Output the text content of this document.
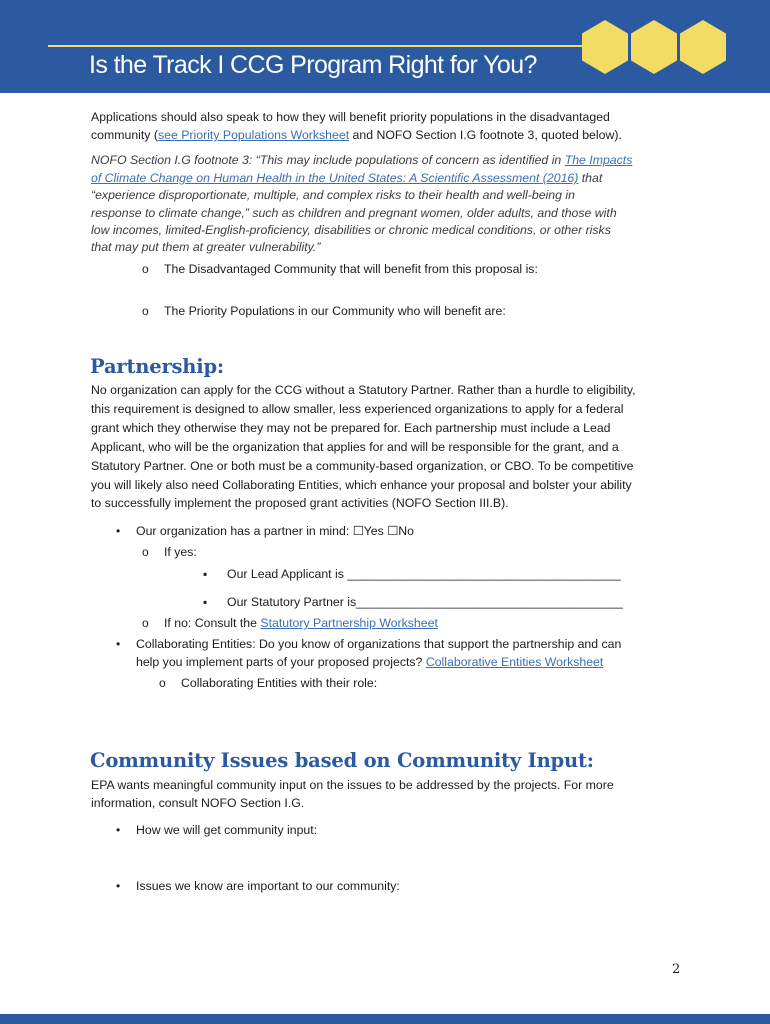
Is the Track I CCG Program Right for You?
Applications should also speak to how they will benefit priority populations in the disadvantaged
community (see Priority Populations Worksheet and NOFO Section I.G footnote 3, quoted below).
NOFO Section I.G footnote 3: “This may include populations of concern as identified in The Impacts
of Climate Change on Human Health in the United States: A Scientific Assessment (2016) that
“experience disproportionate, multiple, and complex risks to their health and well-being in
response to climate change,” such as children and pregnant women, older adults, and those with
low incomes, limited-English-proficiency, disabilities or chronic medical conditions, or other risks
that may put them at greater vulnerability.”
o The Disadvantaged Community that will benefit from this proposal is:
o The Priority Populations in our Community who will benefit are:
Partnership:
No organization can apply for the CCG without a Statutory Partner. Rather than a hurdle to eligibility,
this requirement is designed to allow smaller, less experienced organizations to apply for a federal
grant which they otherwise they may not be prepared for. Each partnership must include a Lead
Applicant, who will be the organization that applies for and will be responsible for the grant, and a
Statutory Partner. One or both must be a community-based organization, or CBO. To be competitive
you will likely also need Collaborating Entities, which enhance your proposal and bolster your ability
to successfully implement the proposed grant activities (NOFO Section III.B).
• Our organization has a partner in mind: ☐Yes ☐No
o If yes:
▪ Our Lead Applicant is ________________________________________
▪ Our Statutory Partner is_______________________________________
o If no: Consult the Statutory Partnership Worksheet
• Collaborating Entities: Do you know of organizations that support the partnership and can
help you implement parts of your proposed projects? Collaborative Entities Worksheet
o Collaborating Entities with their role:
Community Issues based on Community Input:
EPA wants meaningful community input on the issues to be addressed by the projects. For more
information, consult NOFO Section I.G.
• How we will get community input:
• Issues we know are important to our community:
2
